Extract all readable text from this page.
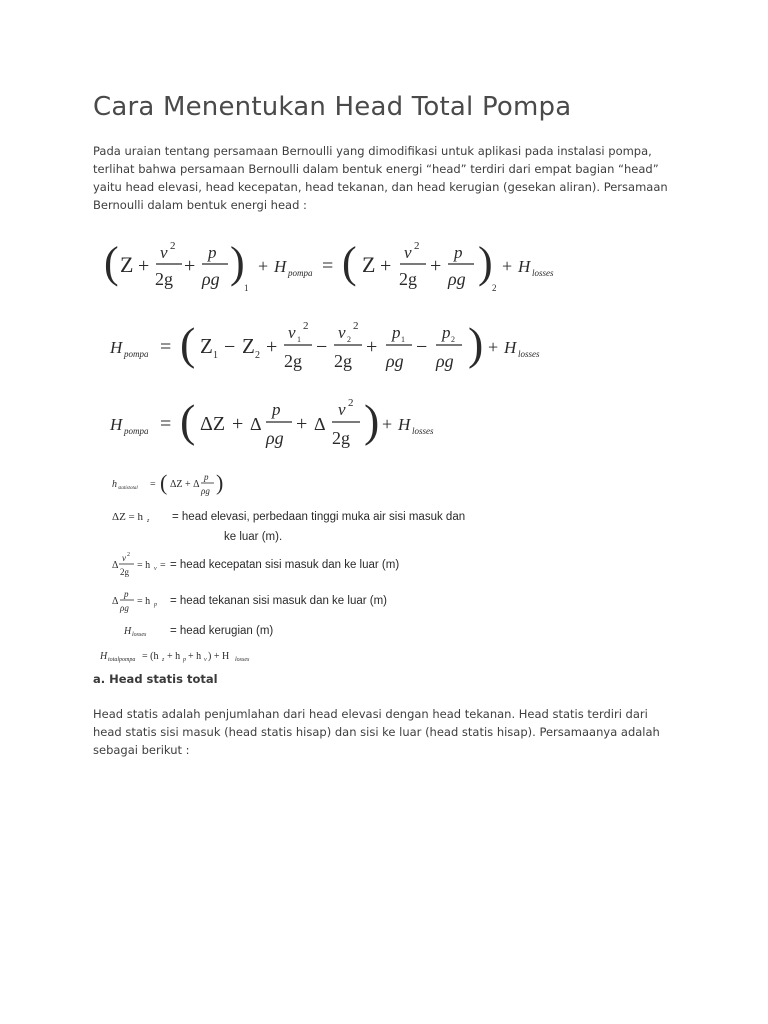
Cara Menentukan Head Total Pompa

Pada uraian tentang persamaan Bernoulli yang dimodifikasi untuk aplikasi pada instalasi pompa, terlihat bahwa persamaan Bernoulli dalam bentuk energi “head” terdiri dari empat bagian “head” yaitu head elevasi, head kecepatan, head tekanan, dan head kerugian (gesekan aliran). Persamaan Bernoulli dalam bentuk energi head :

( Z +
v 2
2g
+
p
ρg )
1
+ H pompa = ( Z +
v 2
2g
+
p
ρg )
2
+ H losses
H pompa = ( Z 1 − Z 2 +
v 1
2
2g
−
v 2
2
2g
+
p 1
ρg
−
p 2
ρg ) + H losses
H pompa = ( ΔZ + Δ
p
ρg
+ Δ
v 2
2g ) + H losses
h statistotal = ( ΔZ + Δ
p
ρg )
ΔZ = h z = head elevasi, perbedaan tinggi muka air sisi masuk dan
ke luar (m).
Δ
v 2
2g
= h v = = head kecepatan sisi masuk dan ke luar (m)
Δ
p
ρg
= h p = head tekanan sisi masuk dan ke luar (m)
H losses = head kerugian (m)
H totalpompa = (h z + h p + h v ) + H losses

a. Head statis total

Head statis adalah penjumlahan dari head elevasi dengan head tekanan. Head statis terdiri dari head statis sisi masuk (head statis hisap) dan sisi ke luar (head statis hisap). Persamaanya adalah sebagai berikut :
